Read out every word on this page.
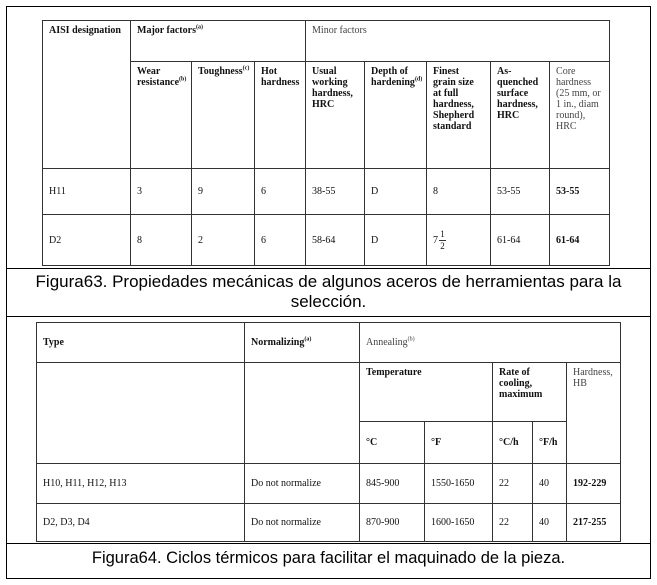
AISI designation	Major factors$^{(a)}$			Minor factors				
	Wear resistance$^{(b)}$	Toughness$^{(c)}$	Hot hardness	Usual working hardness, HRC	Depth of hardening$^{(d)}$	Finest grain size at full hardness, Shepherd standard	As-quenched surface hardness, HRC	Core hardness (25 mm, or 1 in., diam round), HRC
H11	3	9	6	38-55	D	8	53-55	53-55
D2	8	2	6	58-64	D	$7 \frac{1}{2}$	61-64	61-64
Figura63. Propiedades mecánicas de algunos aceros de herramientas para la selección.
Type	Normalizing$^{(a)}$	Annealing$^{(b)}$
		Temperature		Rate of cooling, maximum		Hardness, HB
		°C	°F	°C/h	°F/h	
H10, H11, H12, H13	Do not normalize	845-900	1550-1650	22	40	192-229
D2, D3, D4	Do not normalize	870-900	1600-1650	22	40	217-255
Figura64. Ciclos térmicos para facilitar el maquinado de la pieza.
